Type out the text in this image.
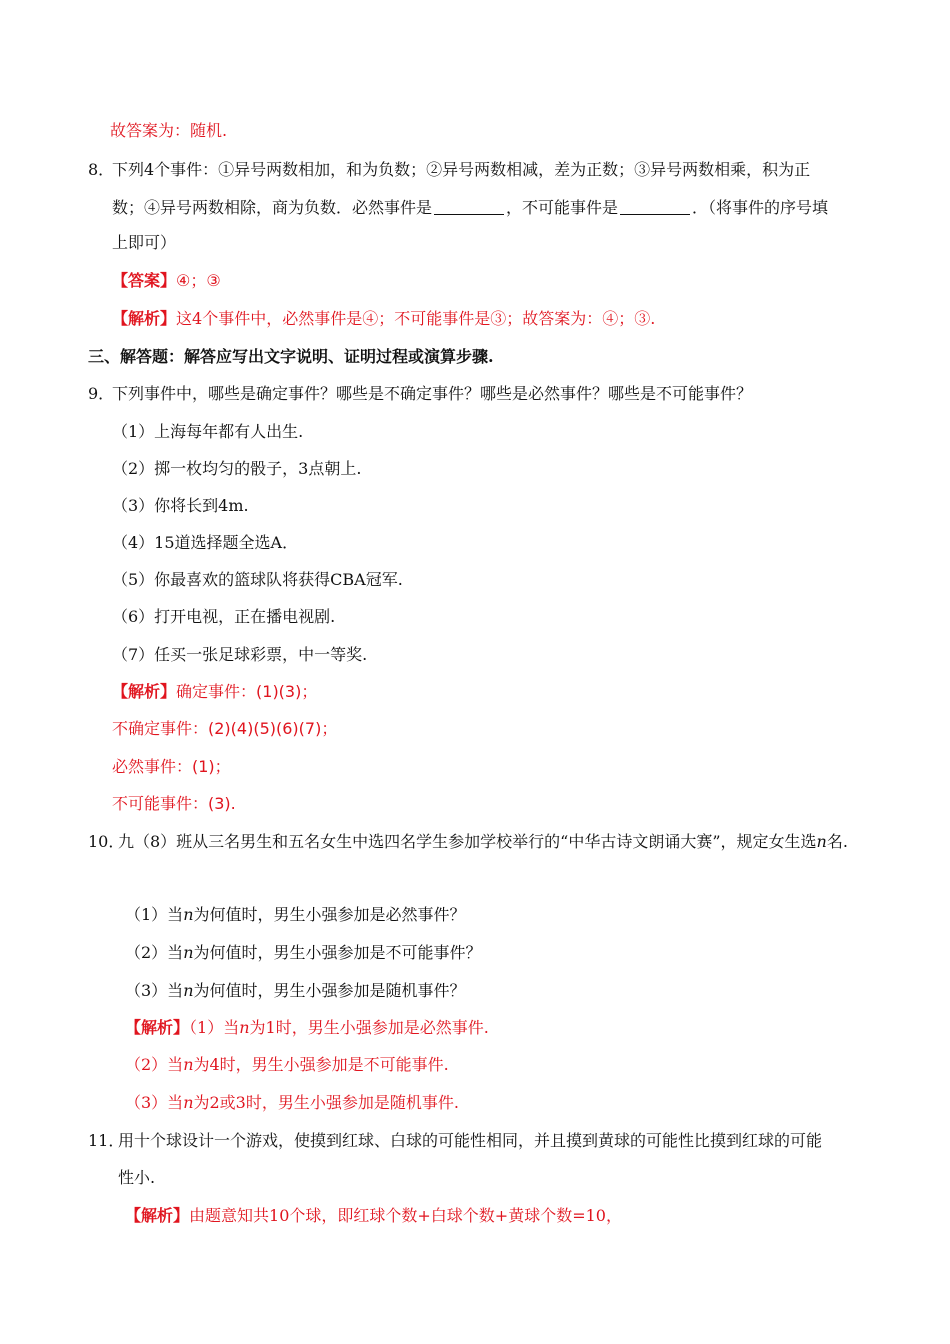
故答案为：随机.
8．
下列4个事件：①异号两数相加，和为负数；②异号两数相减，差为正数；③异号两数相乘，积为正
数；④异号两数相除，商为负数．必然事件是	，不可能事件是	．（将事件的序号填
上即可）
【答案】④；③
【解析】这4个事件中，必然事件是④；不可能事件是③；故答案为：④；③.
三、解答题：解答应写出文字说明、证明过程或演算步骤.
9．
下列事件中，哪些是确定事件？哪些是不确定事件？哪些是必然事件？哪些是不可能事件？
（1）上海每年都有人出生.
（2）掷一枚均匀的骰子，3点朝上.
（3）你将长到4m.
（4）15道选择题全选A．
（5）你最喜欢的篮球队将获得CBA冠军.
（6）打开电视，正在播电视剧.
（7）任买一张足球彩票，中一等奖.
【解析】确定事件：(1)(3)；
不确定事件：(2)(4)(5)(6)(7)；
必然事件：(1)；
不可能事件：(3).
10．
九（8）班从三名男生和五名女生中选四名学生参加学校举行的“中华古诗文朗诵大赛”，规定女生选n名.
（1）当n为何值时，男生小强参加是必然事件？
（2）当n为何值时，男生小强参加是不可能事件？
（3）当n为何值时，男生小强参加是随机事件？
【解析】（1）当n为1时，男生小强参加是必然事件.
（2）当n为4时，男生小强参加是不可能事件.
（3）当n为2或3时，男生小强参加是随机事件.
11．
用十个球设计一个游戏，使摸到红球、白球的可能性相同，并且摸到黄球的可能性比摸到红球的可能
性小.
【解析】由题意知共10个球，即红球个数+白球个数+黄球个数=10，
